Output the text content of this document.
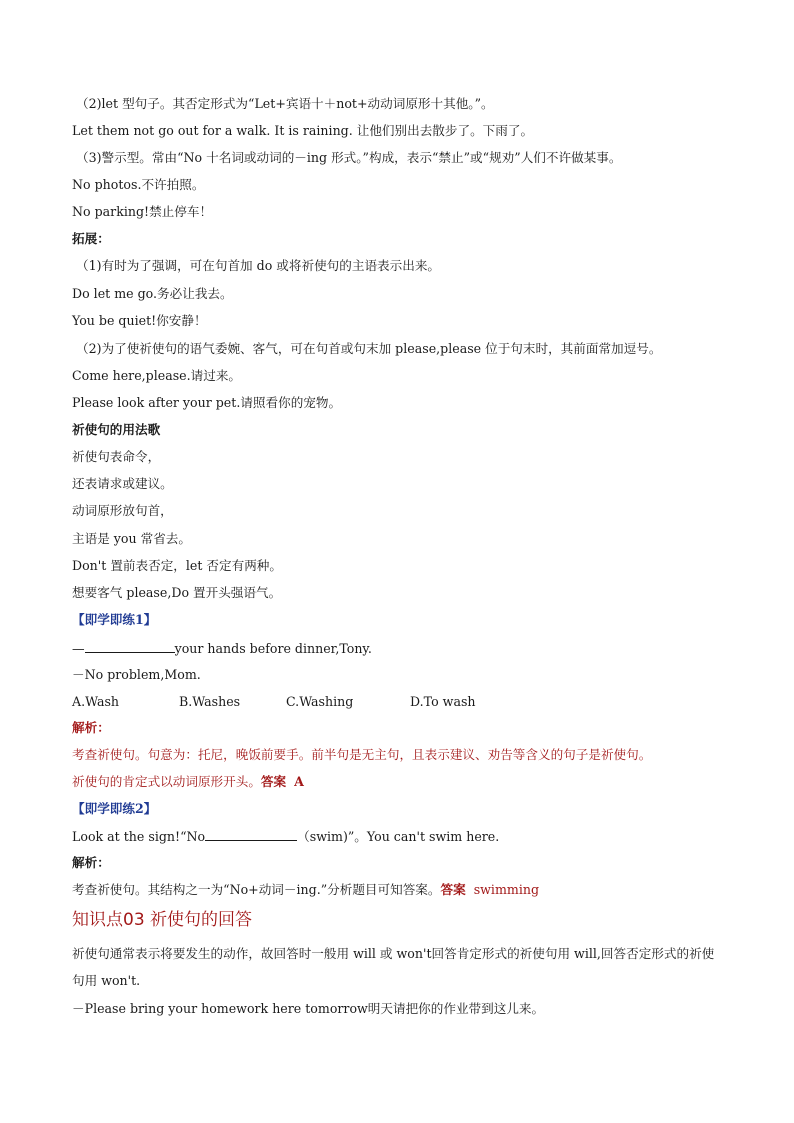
（2)let 型句子。其否定形式为“Let+宾语十＋not+动动词原形十其他。”。
Let them not go out for a walk. It is raining. 让他们别出去散步了。下雨了。
（3)警示型。常由“No 十名词或动词的－ing 形式。”构成，表示“禁止”或“规劝”人们不许做某事。
No photos.不许拍照。
No parking!禁止停车！
拓展：
（1)有时为了强调，可在句首加 do 或将祈使句的主语表示出来。
Do let me go.务必让我去。
You be quiet!你安静！
（2)为了使祈使句的语气委婉、客气，可在句首或句末加 please,please 位于句末时，其前面常加逗号。
Come here,please.请过来。
Please look after your pet.请照看你的宠物。
祈使句的用法歌
祈使句表命令，
还表请求或建议。
动词原形放句首，
主语是 you 常省去。
Don't 置前表否定，let 否定有两种。
想要客气 please,Do 置开头强语气。
【即学即练1】
—	your hands before dinner,Tony.
－No problem,Mom.
A.Wash	B.Washes	C.Washing	D.To wash
解析：
考查祈使句。句意为：托尼，晚饭前要手。前半句是无主句，且表示建议、劝告等含义的句子是祈使句。
祈使句的肯定式以动词原形开头。答案 A
【即学即练2】
Look at the sign!“No	（swim)”。You can't swim here.
解析：
考查祈使句。其结构之一为“No+动词－ing.”分析题目可知答案。答案 swimming
知识点03 祈使句的回答
祈使句通常表示将要发生的动作，故回答时一般用 will 或 won't回答肯定形式的祈使句用 will,回答否定形式的祈使句用 won't.
－Please bring your homework here tomorrow明天请把你的作业带到这儿来。
